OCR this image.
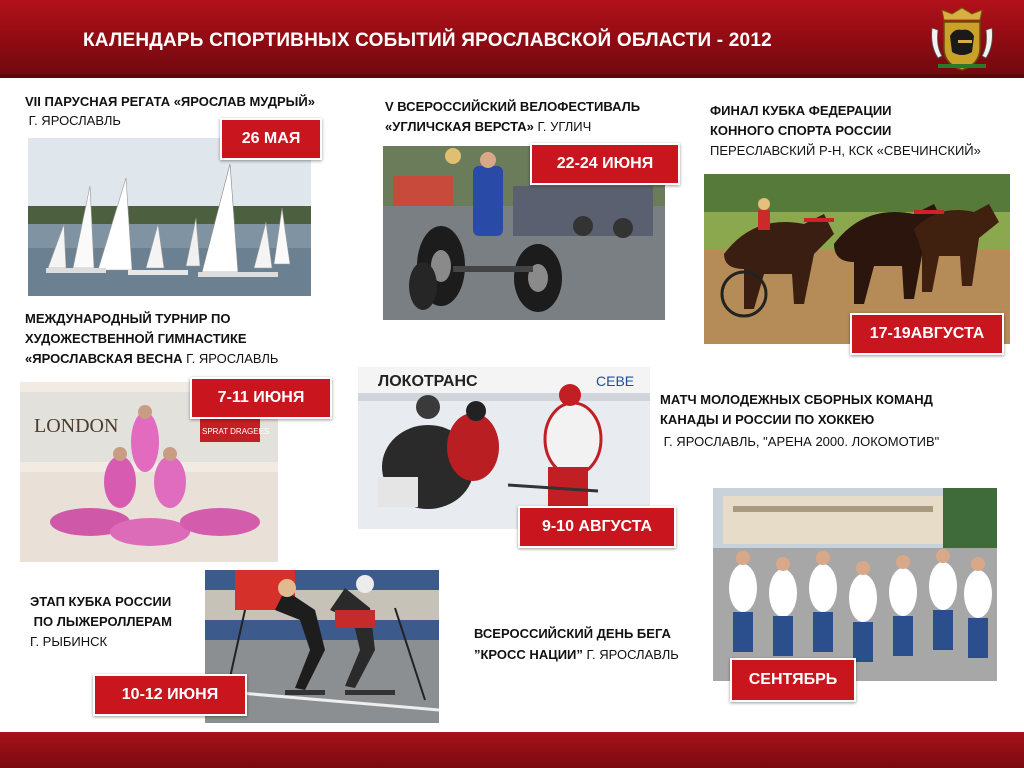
КАЛЕНДАРЬ СПОРТИВНЫХ СОБЫТИЙ ЯРОСЛАВСКОЙ ОБЛАСТИ - 2012
VII ПАРУСНАЯ РЕГАТА «ЯРОСЛАВ МУДРЫЙ»
Г. ЯРОСЛАВЛЬ
26 МАЯ
V ВСЕРОССИЙСКИЙ ВЕЛОФЕСТИВАЛЬ
«УГЛИЧСКАЯ ВЕРСТА» Г. УГЛИЧ
22-24 ИЮНЯ
ФИНАЛ КУБКА ФЕДЕРАЦИИ
КОННОГО СПОРТА РОССИИ
ПЕРЕСЛАВСКИЙ Р-Н, КСК «СВЕЧИНСКИЙ»
17-19АВГУСТА
МЕЖДУНАРОДНЫЙ ТУРНИР ПО
ХУДОЖЕСТВЕННОЙ ГИМНАСТИКЕ
«ЯРОСЛАВСКАЯ ВЕСНА Г. ЯРОСЛАВЛЬ
LONDON	SPRAT DRAGEES
7-11 ИЮНЯ
ЛОКОТРАНС	СЕВЕ
МАТЧ МОЛОДЕЖНЫХ СБОРНЫХ КОМАНД
КАНАДЫ И РОССИИ ПО ХОККЕЮ
Г. ЯРОСЛАВЛЬ, "АРЕНА 2000. ЛОКОМОТИВ"
9-10 АВГУСТА
ЭТАП КУБКА РОССИИ
ПО ЛЫЖЕРОЛЛЕРАМ
Г. РЫБИНСК
10-12 ИЮНЯ
ВСЕРОССИЙСКИЙ ДЕНЬ БЕГА
”КРОСС НАЦИИ” Г. ЯРОСЛАВЛЬ
СЕНТЯБРЬ
